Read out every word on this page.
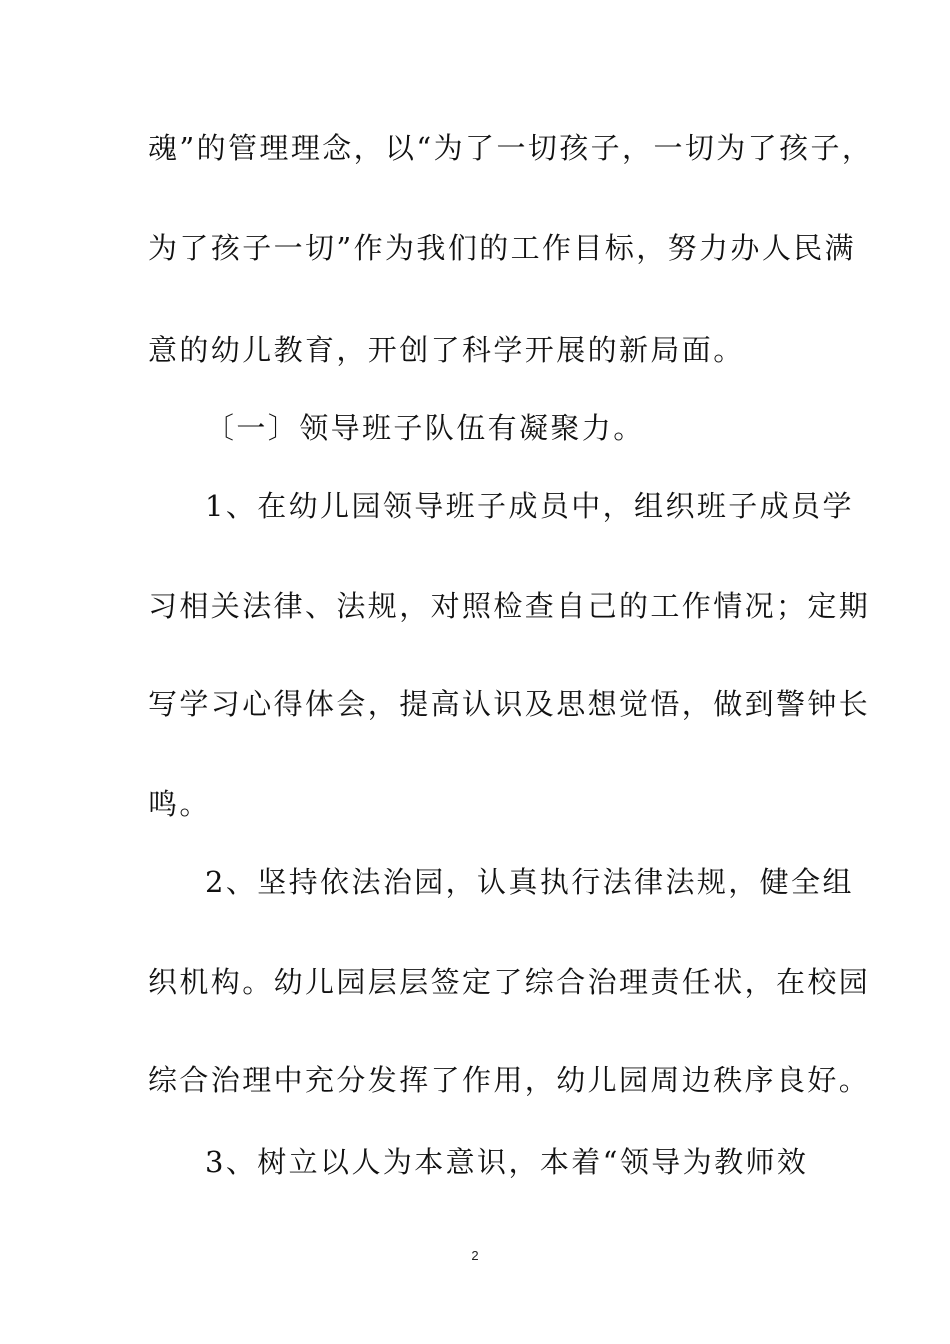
魂”的管理理念，以“为了一切孩子，一切为了孩子，
为了孩子一切”作为我们的工作目标，努力办人民满
意的幼儿教育，开创了科学开展的新局面。
〔一〕领导班子队伍有凝聚力。
1、在幼儿园领导班子成员中，组织班子成员学
习相关法律、法规，对照检查自己的工作情况；定期
写学习心得体会，提高认识及思想觉悟，做到警钟长
鸣。
2、坚持依法治园，认真执行法律法规，健全组
织机构。幼儿园层层签定了综合治理责任状，在校园
综合治理中充分发挥了作用，幼儿园周边秩序良好。
3、树立以人为本意识，本着“领导为教师效
2
